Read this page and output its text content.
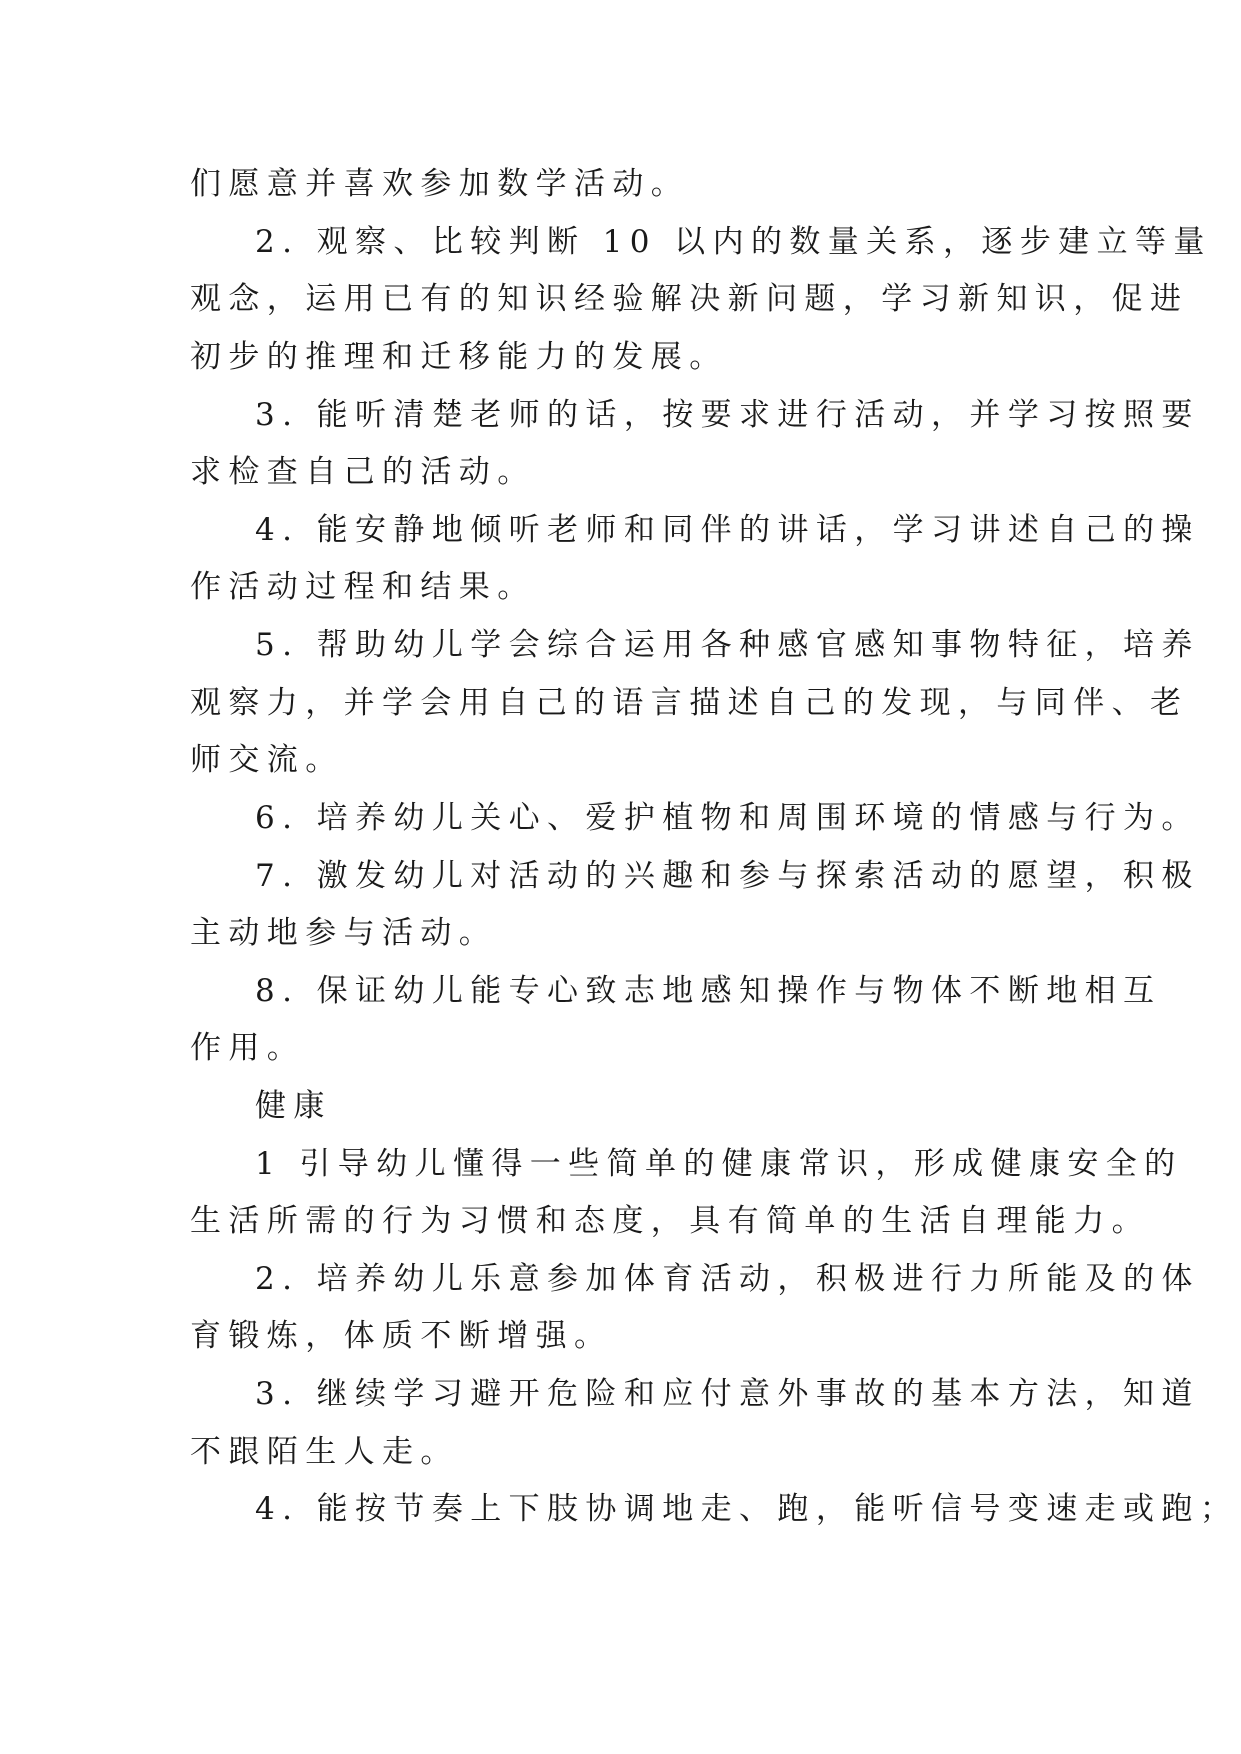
们愿意并喜欢参加数学活动。

2. 观察、比较判断 10 以内的数量关系，逐步建立等量

观念，运用已有的知识经验解决新问题，学习新知识，促进

初步的推理和迁移能力的发展。

3. 能听清楚老师的话，按要求进行活动，并学习按照要

求检查自己的活动。

4. 能安静地倾听老师和同伴的讲话，学习讲述自己的操

作活动过程和结果。

5. 帮助幼儿学会综合运用各种感官感知事物特征，培养

观察力，并学会用自己的语言描述自己的发现，与同伴、老

师交流。

6. 培养幼儿关心、爱护植物和周围环境的情感与行为。

7. 激发幼儿对活动的兴趣和参与探索活动的愿望，积极

主动地参与活动。

8. 保证幼儿能专心致志地感知操作与物体不断地相互

作用。

健康

1 引导幼儿懂得一些简单的健康常识，形成健康安全的

生活所需的行为习惯和态度，具有简单的生活自理能力。

2. 培养幼儿乐意参加体育活动，积极进行力所能及的体

育锻炼，体质不断增强。

3. 继续学习避开危险和应付意外事故的基本方法，知道

不跟陌生人走。

4. 能按节奏上下肢协调地走、跑，能听信号变速走或跑；
